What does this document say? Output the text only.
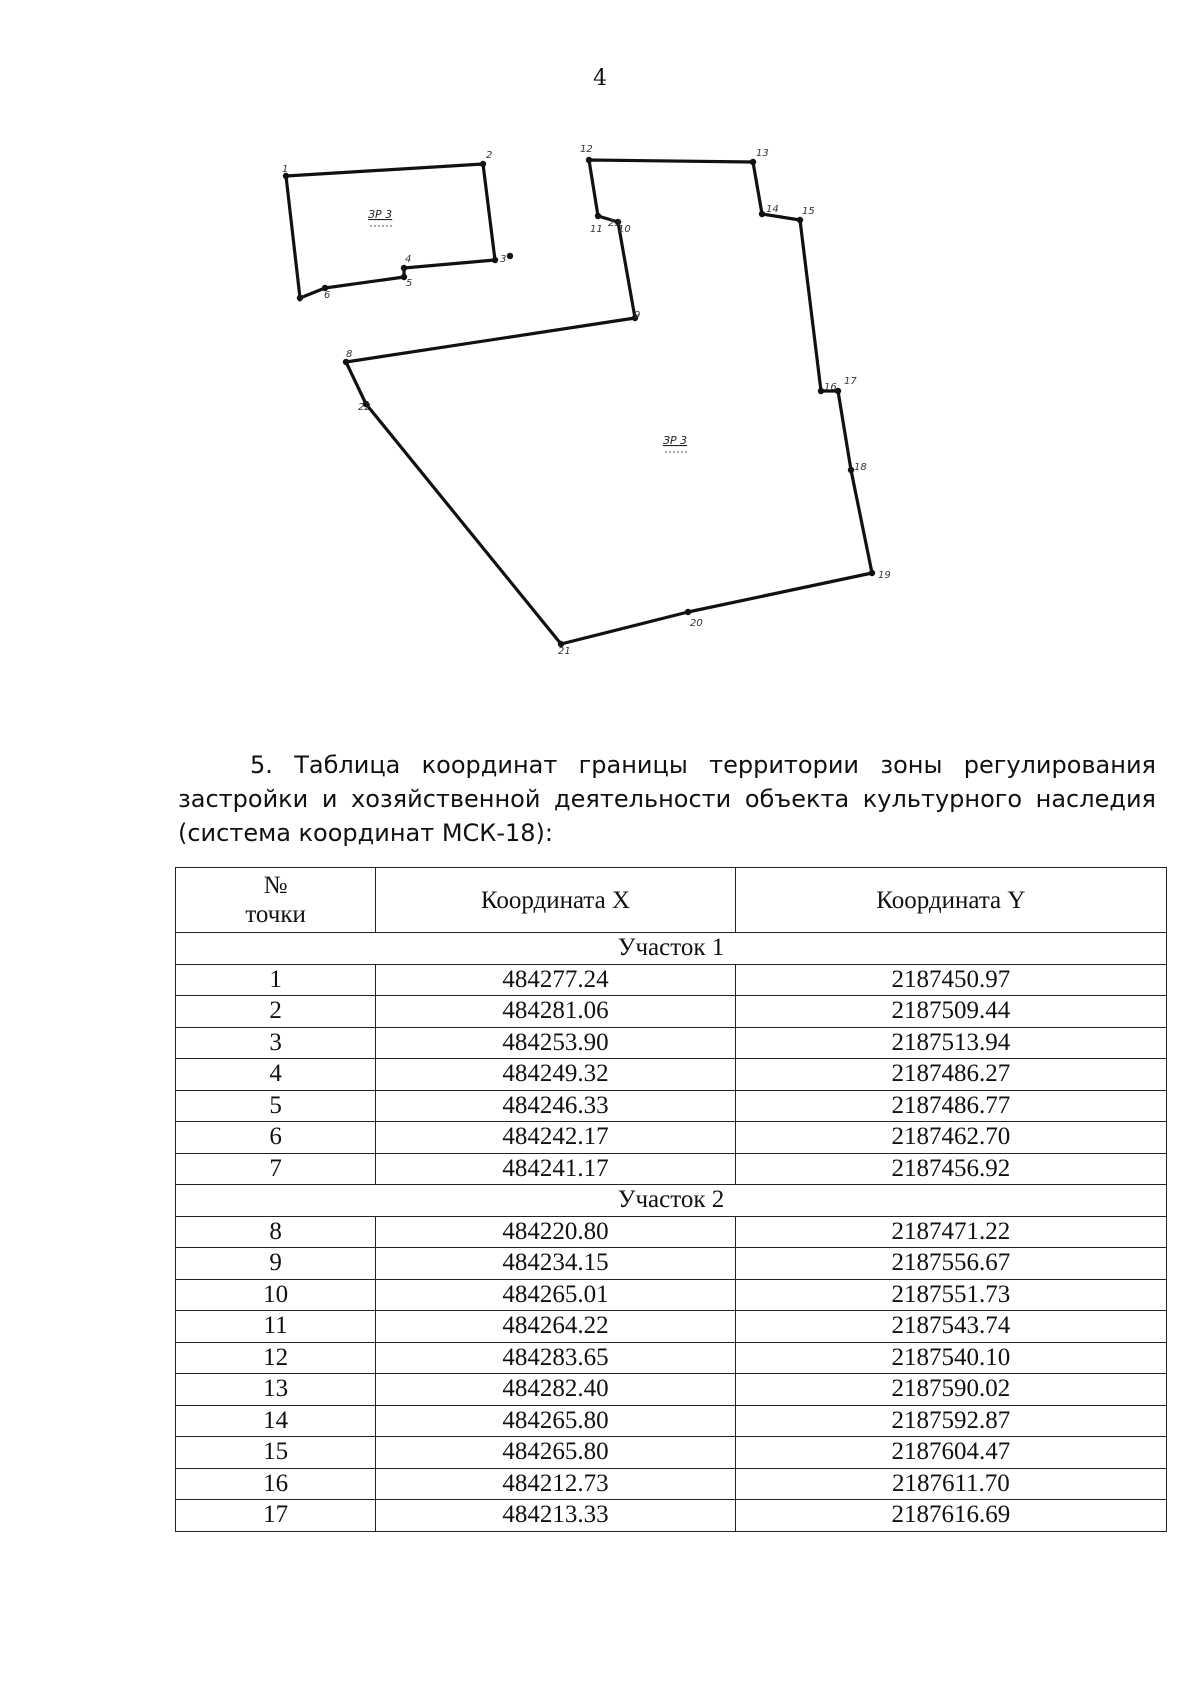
4
1
2
3
4
5
6
7
8
9
10
11
12	13
14 15
16
17
18
19
20
21
22
23
ЗР 3
ЗР 3
5. Таблица координат границы территории зоны регулирования застройки и хозяйственной деятельности объекта культурного наследия (система координат МСК-18):
№
точки	Координата X	Координата Y
Участок 1		
1	484277.24	2187450.97
2	484281.06	2187509.44
3	484253.90	2187513.94
4	484249.32	2187486.27
5	484246.33	2187486.77
6	484242.17	2187462.70
7	484241.17	2187456.92
Участок 2		
8	484220.80	2187471.22
9	484234.15	2187556.67
10	484265.01	2187551.73
11	484264.22	2187543.74
12	484283.65	2187540.10
13	484282.40	2187590.02
14	484265.80	2187592.87
15	484265.80	2187604.47
16	484212.73	2187611.70
17	484213.33	2187616.69
